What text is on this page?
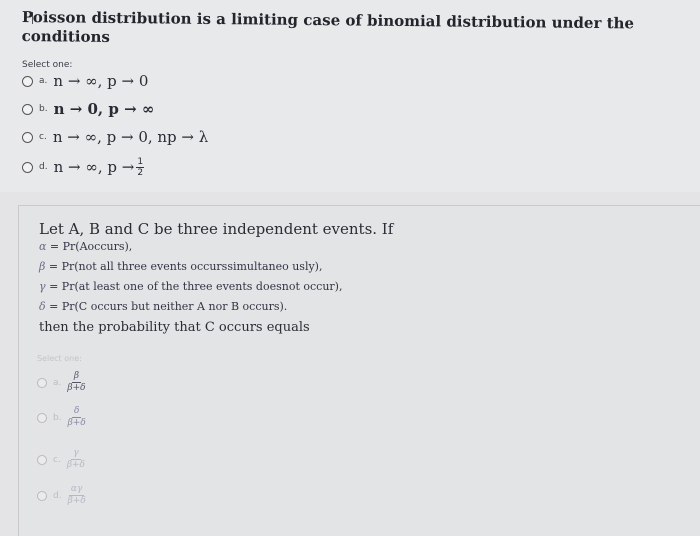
Poisson distribution is a limiting case of binomial distribution under the conditions
Select one:
a. n → ∞, p → 0
b. n → 0, p → ∞
c. n → ∞, p → 0, np → λ
d. n → ∞, $p \to \frac{1}{2}$
Let A, B and C be three independent events. If
α = Pr(Aoccurs),
β = Pr(not all three events occurssimultaneo usly),
γ = Pr(at least one of the three events doesnot occur),
δ = Pr(C occurs but neither A nor B occurs).
then the probability that C occurs equals
Select one:
a. $\frac{\beta}{\beta+\delta}$
b. $\frac{\delta}{\beta+\delta}$
c. $\frac{\gamma}{\beta+\delta}$
d. $\frac{\alpha\gamma}{\beta+\delta}$
